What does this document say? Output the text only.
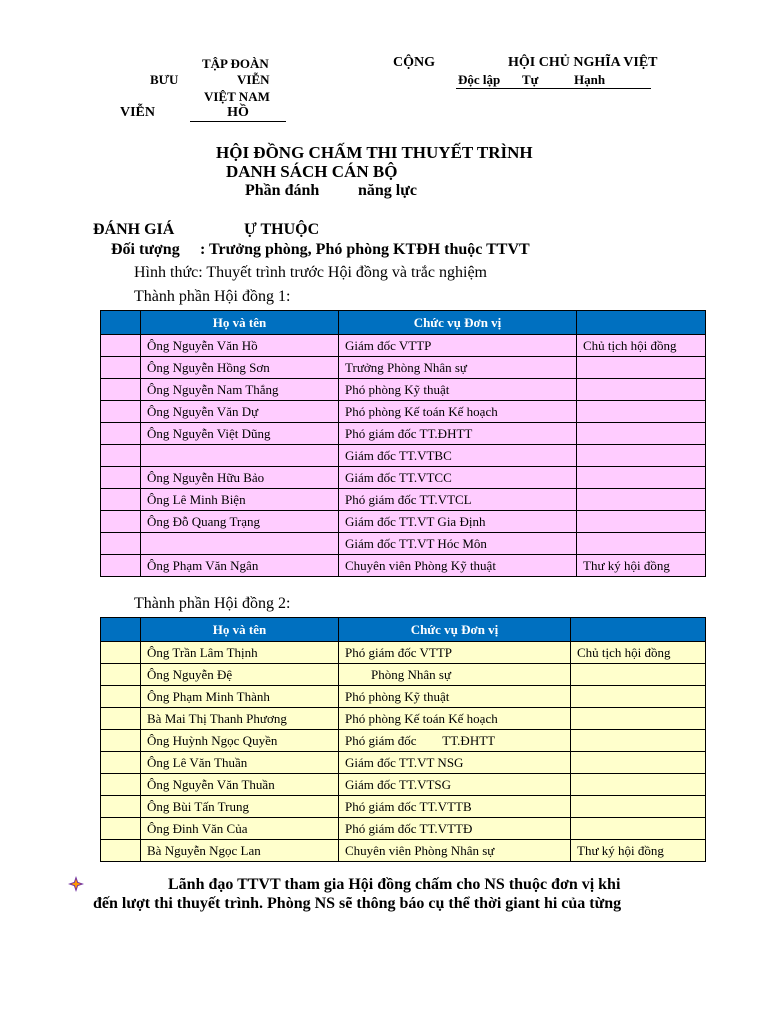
TẬP ĐOÀN
BƯU	VIỄN
VIỆT NAM
VIỄN	HỒ
CỘNG	HỘI CHỦ NGHĨA VIỆT
Độc lập Tự	Hạnh
HỘI ĐỒNG CHẤM THI THUYẾT TRÌNH
DANH SÁCH CÁN BỘ
Phần đánh năng lực
ĐÁNH GIÁ	Ự THUỘC
Đối tượng : Trưởng phòng, Phó phòng KTĐH thuộc TTVT
Hình thức: Thuyết trình trước Hội đồng và trắc nghiệm
Thành phần Hội đồng 1:
	Họ và tên	Chức vụ Đơn vị	
	Ông Nguyễn Văn Hồ	Giám đốc VTTP	Chủ tịch hội đồng
	Ông Nguyễn Hồng Sơn	Trưởng Phòng Nhân sự	
	Ông Nguyễn Nam Thắng	Phó phòng Kỹ thuật	
	Ông Nguyễn Văn Dự	Phó phòng Kế toán Kế hoạch	
	Ông Nguyễn Việt Dũng	Phó giám đốc TT.ĐHTT	
		Giám đốc TT.VTBC	
	Ông Nguyễn Hữu Bảo	Giám đốc TT.VTCC	
	Ông Lê Minh Biện	Phó giám đốc TT.VTCL	
	Ông Đỗ Quang Trạng	Giám đốc TT.VT Gia Định	
		Giám đốc TT.VT Hóc Môn	
	Ông Phạm Văn Ngân	Chuyên viên Phòng Kỹ thuật	Thư ký hội đồng
Thành phần Hội đồng 2:
	Họ và tên	Chức vụ Đơn vị	
	Ông Trần Lâm Thịnh	Phó giám đốc VTTP	Chủ tịch hội đồng
	Ông Nguyễn Đệ	Phòng Nhân sự	
	Ông Phạm Minh Thành	Phó phòng Kỹ thuật	
	Bà Mai Thị Thanh Phương	Phó phòng Kế toán Kế hoạch	
	Ông Huỳnh Ngọc Quyền	Phó giám đốc        TT.ĐHTT	
	Ông Lê Văn Thuần	Giám đốc TT.VT NSG	
	Ông Nguyễn Văn Thuần	Giám đốc TT.VTSG	
	Ông Bùi Tấn Trung	Phó giám đốc TT.VTTB	
	Ông Đinh Văn Của	Phó giám đốc TT.VTTĐ	
	Bà Nguyễn Ngọc Lan	Chuyên viên Phòng Nhân sự	Thư ký hội đồng
Lãnh đạo TTVT tham gia Hội đồng chấm cho NS thuộc đơn vị khi
đến lượt thi thuyết trình. Phòng NS sẽ thông báo cụ thể thời giant hi của từng
